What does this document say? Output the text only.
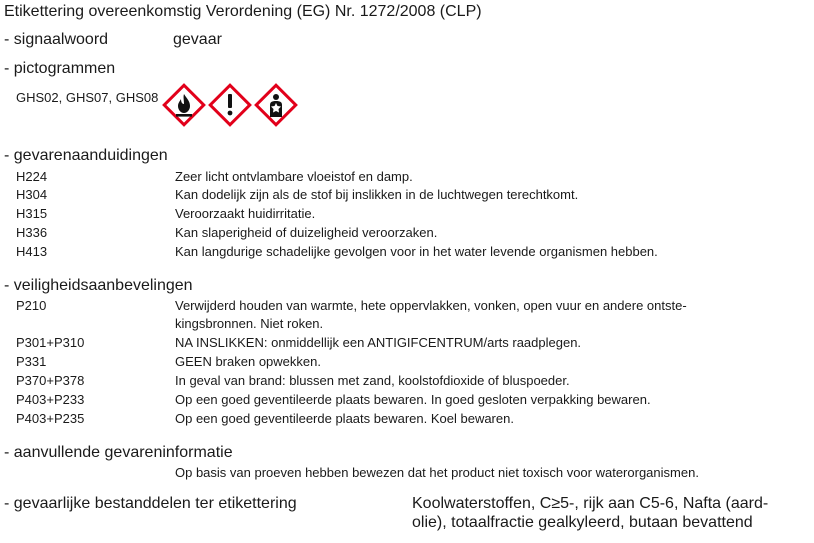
Etikettering overeenkomstig Verordening (EG) Nr. 1272/2008 (CLP)
- signaalwoord	gevaar
- pictogrammen
GHS02, GHS07, GHS08
- gevarenaanduidingen
H224	Zeer licht ontvlambare vloeistof en damp.
H304	Kan dodelijk zijn als de stof bij inslikken in de luchtwegen terechtkomt.
H315	Veroorzaakt huidirritatie.
H336	Kan slaperigheid of duizeligheid veroorzaken.
H413	Kan langdurige schadelijke gevolgen voor in het water levende organismen hebben.
- veiligheidsaanbevelingen
P210	Verwijderd houden van warmte, hete oppervlakken, vonken, open vuur en andere ontste-
kingsbronnen. Niet roken.
P301+P310	NA INSLIKKEN: onmiddellijk een ANTIGIFCENTRUM/arts raadplegen.
P331	GEEN braken opwekken.
P370+P378	In geval van brand: blussen met zand, koolstofdioxide of bluspoeder.
P403+P233	Op een goed geventileerde plaats bewaren. In goed gesloten verpakking bewaren.
P403+P235	Op een goed geventileerde plaats bewaren. Koel bewaren.
- aanvullende gevareninformatie
Op basis van proeven hebben bewezen dat het product niet toxisch voor waterorganismen.
- gevaarlijke bestanddelen ter etikettering	Koolwaterstoffen, C≥5-, rijk aan C5-6, Nafta (aard-
olie), totaalfractie gealkyleerd, butaan bevattend
